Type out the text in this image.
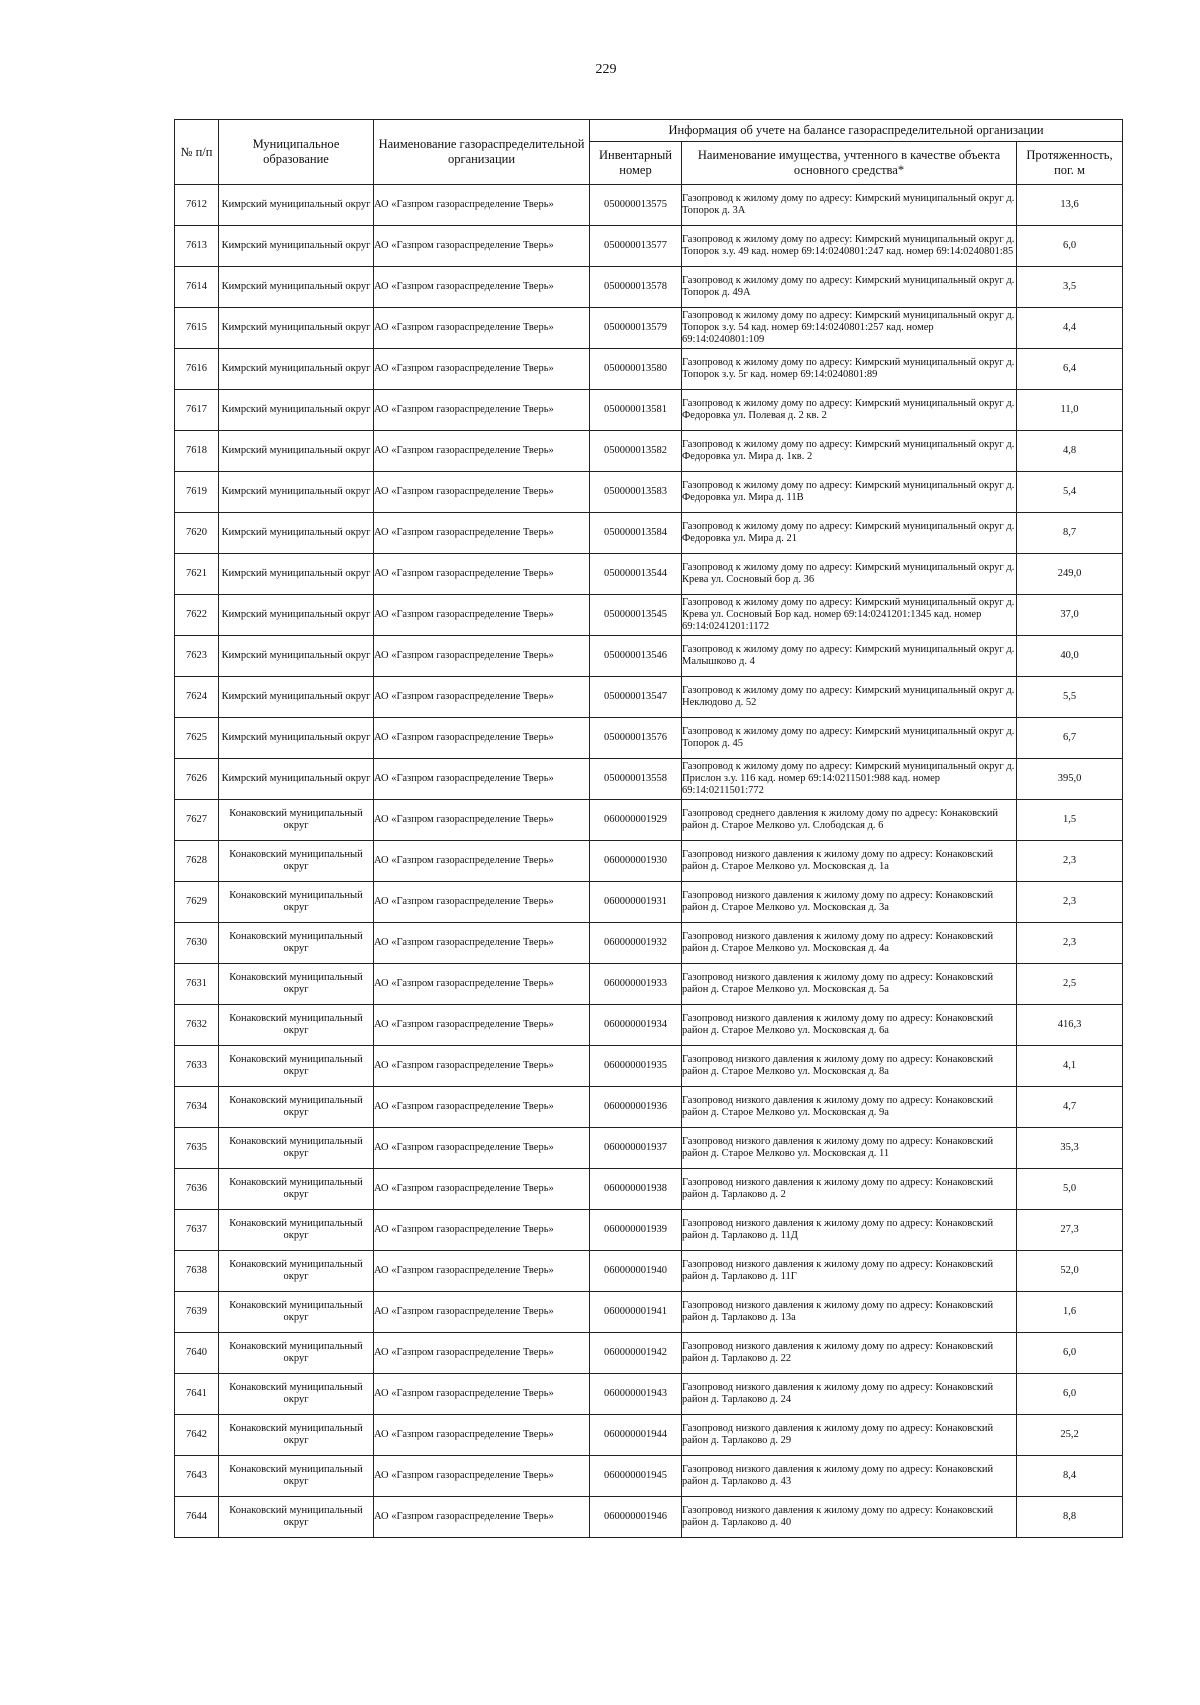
229
№ п/п	Муниципальное образование	Наименование газораспределительной организации	Информация об учете на балансе газораспределительной организации		
			Инвентарный номер	Наименование имущества, учтенного в качестве объекта основного средства*	Протяженность, пог. м
7612	Кимрский муниципальный округ	АО «Газпром газораспределение Тверь»	050000013575	Газопровод к жилому дому по адресу: Кимрский муниципальный округ д. Топорок д. 3А	13,6
7613	Кимрский муниципальный округ	АО «Газпром газораспределение Тверь»	050000013577	Газопровод к жилому дому по адресу: Кимрский муниципальный округ д. Топорок з.у. 49 кад. номер 69:14:0240801:247 кад. номер 69:14:0240801:85	6,0
7614	Кимрский муниципальный округ	АО «Газпром газораспределение Тверь»	050000013578	Газопровод к жилому дому по адресу: Кимрский муниципальный округ д. Топорок д. 49А	3,5
7615	Кимрский муниципальный округ	АО «Газпром газораспределение Тверь»	050000013579	Газопровод к жилому дому по адресу: Кимрский муниципальный округ д. Топорок з.у. 54 кад. номер 69:14:0240801:257 кад. номер 69:14:0240801:109	4,4
7616	Кимрский муниципальный округ	АО «Газпром газораспределение Тверь»	050000013580	Газопровод к жилому дому по адресу: Кимрский муниципальный округ д. Топорок з.у. 5г кад. номер 69:14:0240801:89	6,4
7617	Кимрский муниципальный округ	АО «Газпром газораспределение Тверь»	050000013581	Газопровод к жилому дому по адресу: Кимрский муниципальный округ д. Федоровка ул. Полевая д. 2 кв. 2	11,0
7618	Кимрский муниципальный округ	АО «Газпром газораспределение Тверь»	050000013582	Газопровод к жилому дому по адресу: Кимрский муниципальный округ д. Федоровка ул. Мира д. 1кв. 2	4,8
7619	Кимрский муниципальный округ	АО «Газпром газораспределение Тверь»	050000013583	Газопровод к жилому дому по адресу: Кимрский муниципальный округ д. Федоровка ул. Мира д. 11В	5,4
7620	Кимрский муниципальный округ	АО «Газпром газораспределение Тверь»	050000013584	Газопровод к жилому дому по адресу: Кимрский муниципальный округ д. Федоровка ул. Мира д. 21	8,7
7621	Кимрский муниципальный округ	АО «Газпром газораспределение Тверь»	050000013544	Газопровод к жилому дому по адресу: Кимрский муниципальный округ д. Крева ул. Сосновый бор д. 36	249,0
7622	Кимрский муниципальный округ	АО «Газпром газораспределение Тверь»	050000013545	Газопровод к жилому дому по адресу: Кимрский муниципальный округ д. Крева ул. Сосновый Бор кад. номер 69:14:0241201:1345 кад. номер 69:14:0241201:1172	37,0
7623	Кимрский муниципальный округ	АО «Газпром газораспределение Тверь»	050000013546	Газопровод к жилому дому по адресу: Кимрский муниципальный округ д. Малышково д. 4	40,0
7624	Кимрский муниципальный округ	АО «Газпром газораспределение Тверь»	050000013547	Газопровод к жилому дому по адресу: Кимрский муниципальный округ д. Неклюдово д. 52	5,5
7625	Кимрский муниципальный округ	АО «Газпром газораспределение Тверь»	050000013576	Газопровод к жилому дому по адресу: Кимрский муниципальный округ д. Топорок д. 45	6,7
7626	Кимрский муниципальный округ	АО «Газпром газораспределение Тверь»	050000013558	Газопровод к жилому дому по адресу: Кимрский муниципальный округ д. Прислон з.у. 116 кад. номер 69:14:0211501:988 кад. номер 69:14:0211501:772	395,0
7627	Конаковский муниципальный округ	АО «Газпром газораспределение Тверь»	060000001929	Газопровод среднего давления к жилому дому по адресу: Конаковский район д. Старое Мелково ул. Слободская д. 6	1,5
7628	Конаковский муниципальный округ	АО «Газпром газораспределение Тверь»	060000001930	Газопровод низкого давления к жилому дому по адресу: Конаковский район д. Старое Мелково ул. Московская д. 1а	2,3
7629	Конаковский муниципальный округ	АО «Газпром газораспределение Тверь»	060000001931	Газопровод низкого давления к жилому дому по адресу: Конаковский район д. Старое Мелково ул. Московская д. 3а	2,3
7630	Конаковский муниципальный округ	АО «Газпром газораспределение Тверь»	060000001932	Газопровод низкого давления к жилому дому по адресу: Конаковский район д. Старое Мелково ул. Московская д. 4а	2,3
7631	Конаковский муниципальный округ	АО «Газпром газораспределение Тверь»	060000001933	Газопровод низкого давления к жилому дому по адресу: Конаковский район д. Старое Мелково ул. Московская д. 5а	2,5
7632	Конаковский муниципальный округ	АО «Газпром газораспределение Тверь»	060000001934	Газопровод низкого давления к жилому дому по адресу: Конаковский район д. Старое Мелково ул. Московская д. 6а	416,3
7633	Конаковский муниципальный округ	АО «Газпром газораспределение Тверь»	060000001935	Газопровод низкого давления к жилому дому по адресу: Конаковский район д. Старое Мелково ул. Московская д. 8а	4,1
7634	Конаковский муниципальный округ	АО «Газпром газораспределение Тверь»	060000001936	Газопровод низкого давления к жилому дому по адресу: Конаковский район д. Старое Мелково ул. Московская д. 9а	4,7
7635	Конаковский муниципальный округ	АО «Газпром газораспределение Тверь»	060000001937	Газопровод низкого давления к жилому дому по адресу: Конаковский район д. Старое Мелково ул. Московская д. 11	35,3
7636	Конаковский муниципальный округ	АО «Газпром газораспределение Тверь»	060000001938	Газопровод низкого давления к жилому дому по адресу: Конаковский район д. Тарлаково д. 2	5,0
7637	Конаковский муниципальный округ	АО «Газпром газораспределение Тверь»	060000001939	Газопровод низкого давления к жилому дому по адресу: Конаковский район д. Тарлаково д. 11Д	27,3
7638	Конаковский муниципальный округ	АО «Газпром газораспределение Тверь»	060000001940	Газопровод низкого давления к жилому дому по адресу: Конаковский район д. Тарлаково д. 11Г	52,0
7639	Конаковский муниципальный округ	АО «Газпром газораспределение Тверь»	060000001941	Газопровод низкого давления к жилому дому по адресу: Конаковский район д. Тарлаково д. 13а	1,6
7640	Конаковский муниципальный округ	АО «Газпром газораспределение Тверь»	060000001942	Газопровод низкого давления к жилому дому по адресу: Конаковский район д. Тарлаково д. 22	6,0
7641	Конаковский муниципальный округ	АО «Газпром газораспределение Тверь»	060000001943	Газопровод низкого давления к жилому дому по адресу: Конаковский район д. Тарлаково д. 24	6,0
7642	Конаковский муниципальный округ	АО «Газпром газораспределение Тверь»	060000001944	Газопровод низкого давления к жилому дому по адресу: Конаковский район д. Тарлаково д. 29	25,2
7643	Конаковский муниципальный округ	АО «Газпром газораспределение Тверь»	060000001945	Газопровод низкого давления к жилому дому по адресу: Конаковский район д. Тарлаково д. 43	8,4
7644	Конаковский муниципальный округ	АО «Газпром газораспределение Тверь»	060000001946	Газопровод низкого давления к жилому дому по адресу: Конаковский район д. Тарлаково д. 40	8,8
